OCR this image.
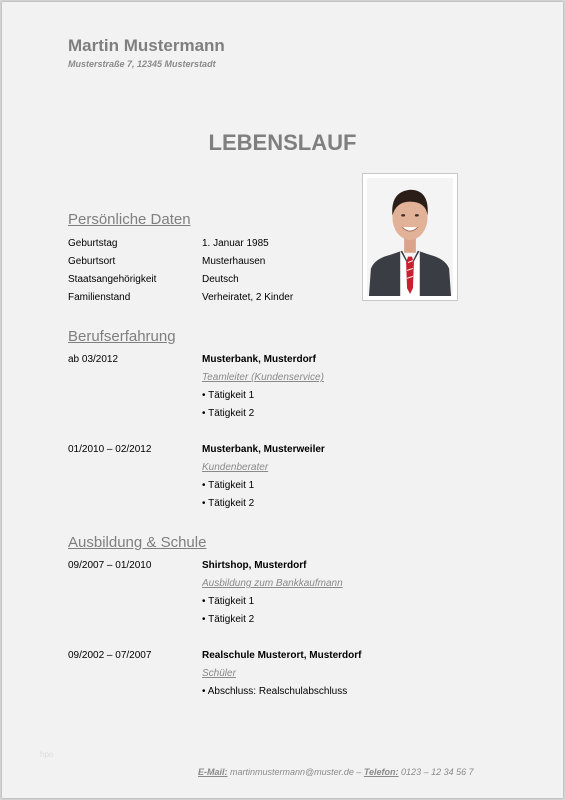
Martin Mustermann
Musterstraße 7, 12345 Musterstadt
LEBENSLAUF
Persönliche Daten
Geburtstag	1. Januar 1985
Geburtsort	Musterhausen
Staatsangehörigkeit	Deutsch
Familienstand	Verheiratet, 2 Kinder
Berufserfahrung
ab 03/2012	Musterbank, Musterdorf
Teamleiter (Kundenservice)
• Tätigkeit 1
• Tätigkeit 2
01/2010 – 02/2012	Musterbank, Musterweiler
Kundenberater
• Tätigkeit 1
• Tätigkeit 2
Ausbildung & Schule
09/2007 – 01/2010	Shirtshop, Musterdorf
Ausbildung zum Bankkaufmann
• Tätigkeit 1
• Tätigkeit 2
09/2002 – 07/2007	Realschule Musterort, Musterdorf
Schüler
• Abschluss: Realschulabschluss
hpo
E-Mail: martinmustermann@muster.de – Telefon: 0123 – 12 34 56 7
